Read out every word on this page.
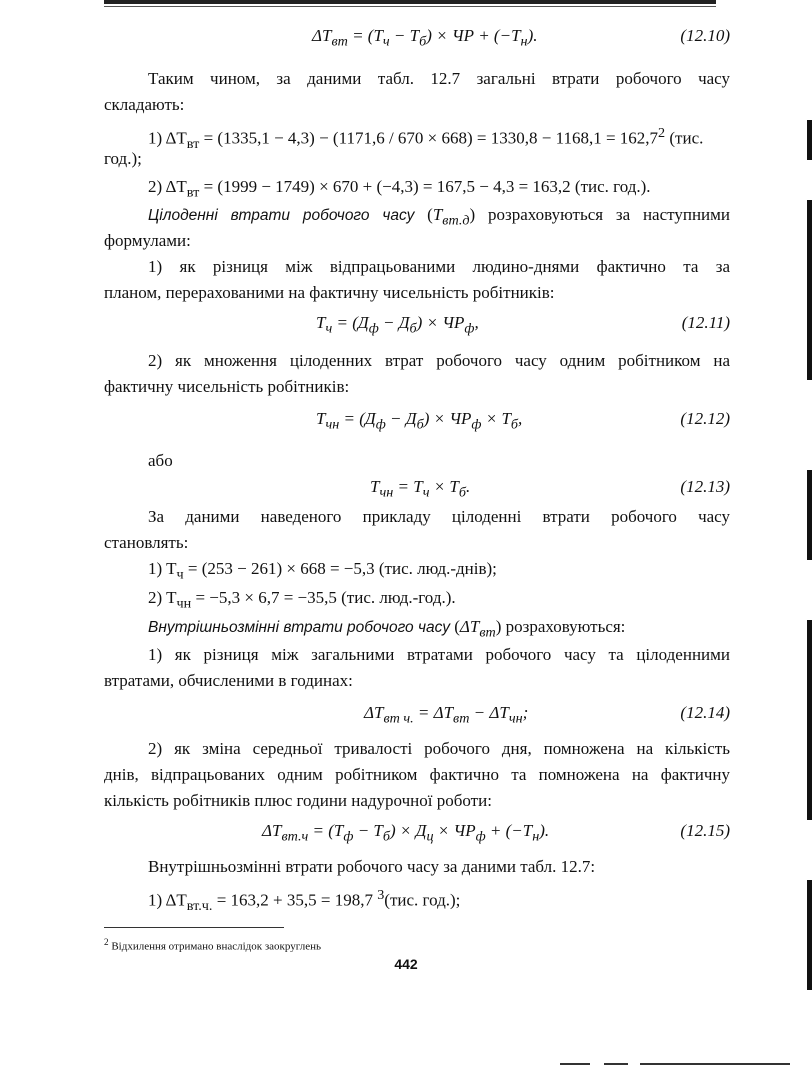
$\Delta T_{вт} = (T_ч - T_б)$ × ЧР + $(-T_н)$.	(12.10)
Таким чином, за даними табл. 12.7 загальні втрати робочого часу
складають:
1) $\Delta T_{вт} = (1335,1 - 4,3) - (1171,6 / 670 \times 668) = 1330,8 - 1168,1 = 162,7^2$ (тис.
год.);
2) $\Delta T_{вт} = (1999 - 1749) \times 670 + (-4,3) = 167,5 - 4,3 = 163,2$ (тис. год.).
Цілоденні втрати робочого часу $(T_{вт.д})$ розраховуються за наступними
формулами:
1) як різниця між відпрацьованими людино-днями фактично та за
планом, перерахованими на фактичну чисельність робітників:
$T_ч = (Д_ф - Д_б) \times ЧР_ф$,	(12.11)
2) як множення цілоденних втрат робочого часу одним робітником на
фактичну чисельність робітників:
$T_{чн} = (Д_ф - Д_б) \times ЧР_ф \times T_б$,	(12.12)
або
$T_{чн} = T_ч \times T_б$.	(12.13)
За даними наведеного прикладу цілоденні втрати робочого часу
становлять:
1) $T_ч = (253 - 261) \times 668 = -5,3$ (тис. люд.-днів);
2) $T_{чн} = -5,3 \times 6,7 = -35,5$ (тис. люд.-год.).
Внутрішньозмінні втрати робочого часу $(\Delta T_{вт})$ розраховуються:
1) як різниця між загальними втратами робочого часу та цілоденними
втратами, обчисленими в годинах:
$\Delta T_{вт ч.} = \Delta T_{вт} - \Delta T_{чн}$;	(12.14)
2) як зміна середньої тривалості робочого дня, помножена на кількість
днів, відпрацьованих одним робітником фактично та помножена на фактичну
кількість робітників плюс години надурочної роботи:
$\Delta T_{вт.ч} = (T_ф - T_б) \times Д_ц \times ЧР_ф + (-T_н)$.	(12.15)
Внутрішньозмінні втрати робочого часу за даними табл. 12.7:
1) $\Delta T_{вт.ч.} = 163,2 + 35,5 = 198,7$ $^3$(тис. год.);
$^2$ Відхилення отримано внаслідок заокруглень
442
